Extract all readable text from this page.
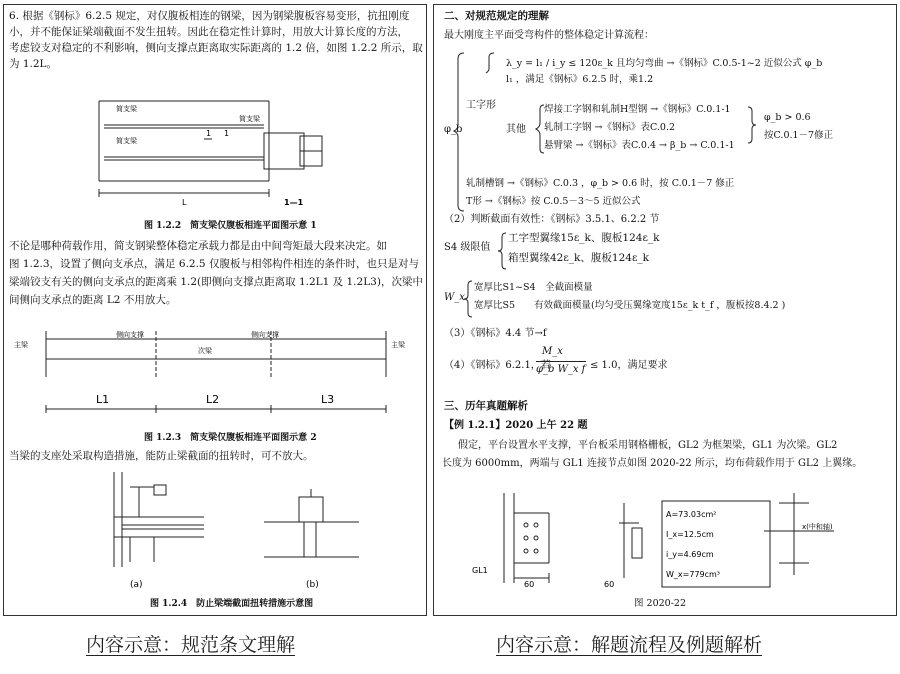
6. 根据《钢标》6.2.5 规定，对仅腹板相连的钢梁，因为钢梁腹板容易变形，抗扭刚度
小，并不能保证梁端截面不发生扭转。因此在稳定性计算时，用放大计算长度的方法，
考虑铰支对稳定的不利影响，侧向支撑点距离取实际距离的 1.2 倍，如图 1.2.2 所示，取
为 1.2L。
简支梁
简支梁
简支梁
L
1 1
1—1
图 1.2.2　简支梁仅腹板相连平面图示意 1
不论是哪种荷载作用，简支钢梁整体稳定承载力都是由中间弯矩最大段来决定。如
图 1.2.3，设置了侧向支承点，满足 6.2.5 仅腹板与相邻构件相连的条件时，也只是对与
梁端铰支有关的侧向支承点的距离乘 1.2(即侧向支撑点距离取 1.2L1 及 1.2L3)，次梁中
间侧向支承点的距离 L2 不用放大。
主梁	主梁
侧向支撑	侧向支撑
次梁
L1	L2	L3
图 1.2.3　简支梁仅腹板相连平面图示意 2
当梁的支座处采取构造措施，能防止梁截面的扭转时，可不放大。
(a)	(b)
图 1.2.4　防止梁端截面扭转措施示意图
二、对规范规定的理解
最大刚度主平面受弯构件的整体稳定计算流程：
φ_b
工字形
λ_y = l₁ / i_y ≤ 120ε_k 且均匀弯曲 →《钢标》C.0.5-1~2 近似公式 φ_b
l₁ ，满足《钢标》6.2.5 时，乘1.2
其他
焊接工字钢和轧制H型钢 →《钢标》C.0.1-1
轧制工字钢 →《钢标》表C.0.2
悬臂梁 →《钢标》表C.0.4 → β_b → C.0.1-1
φ_b > 0.6
按C.0.1－7修正
轧制槽钢 →《钢标》C.0.3 ，φ_b > 0.6 时，按 C.0.1－7 修正
T形 →《钢标》按 C.0.5－3～5 近似公式
（2）判断截面有效性：《钢标》3.5.1、6.2.2 节
S4 级限值
工字型翼缘15ε_k、腹板124ε_k
箱型翼缘42ε_k、腹板124ε_k
W_x
宽厚比S1~S4　全截面模量
宽厚比S5　　有效截面模量(均匀受压翼缘宽度15ε_k t_f ，腹板按8.4.2 )
（3）《钢标》4.4 节→f
（4）《钢标》6.2.1，若
M_x
φ_b W_x f ≤ 1.0，满足要求
三、历年真题解析
【例 1.2.1】2020 上午 22 题
假定，平台设置水平支撑，平台板采用钢格栅板，GL2 为框架梁，GL1 为次梁。GL2
长度为 6000mm，两端与 GL1 连接节点如图 2020-22 所示，均布荷载作用于 GL2 上翼缘。
A=73.03cm²
I_x=12.5cm
i_y=4.69cm
W_x=779cm³
GL1
60	60
x(中和轴)
图 2020-22
内容示意：规范条文理解	内容示意：解题流程及例题解析
